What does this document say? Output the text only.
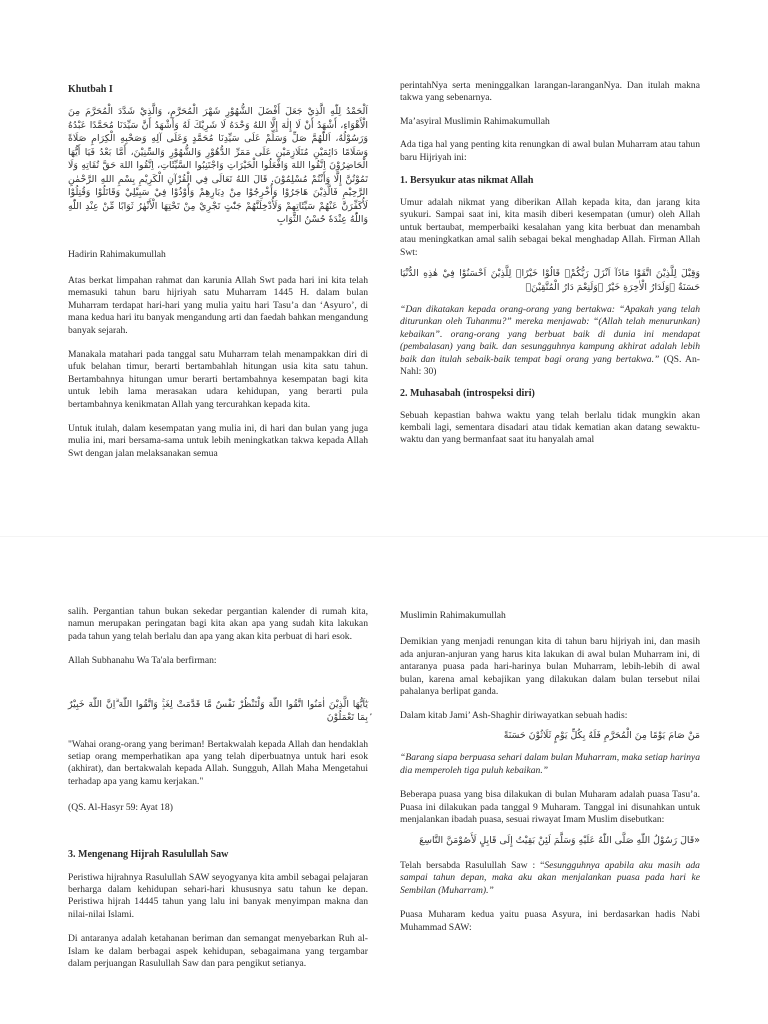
Khutbah I

اَلْحَمْدُ لِلّٰهِ الَّذِيْ جَعَلَ أَفْضَلَ الشُّهُوْرِ شَهْرَ الْمُحَرَّمِ، وَالَّذِيْ شَدَّدَ الْمُحَرَّمَ مِنَ الْأَهْوَاءِ، أَشْهَدُ أَنْ لَا إِلٰهَ إِلَّا اللهُ وَحْدَهُ لَا شَرِيْكَ لَهُ وَأَشْهَدُ أَنَّ سَيِّدَنَا مُحَمَّدًا عَبْدُهُ وَرَسُوْلُهُ، اَللّٰهُمَّ صَلِّ وَسَلِّمْ عَلَى سَيِّدِنَا مُحَمَّدٍ وَعَلَى آلِهِ وَصَحْبِهِ الْكِرَامِ صَلَاةً وَسَلَامًا دَائِمَيْنِ مُتَلَازِمَيْنِ عَلَى مَمَرِّ الدُّهُوْرِ وَالشُّهُوْرِ وَالسِّنِيْنَ، أَمَّا بَعْدُ فَيَا أَيُّهَا الْحَاضِرُوْنَ اِتَّقُوا اللهَ وَافْعَلُوا الْخَيْرَاتِ وَاجْتَنِبُوا السَّيِّئَاتِ، اِتَّقُوا اللهَ حَقَّ تُقَاتِهِ وَلَا تَمُوْتُنَّ إِلَّا وَأَنْتُمْ مُسْلِمُوْنَ. قَالَ اللهُ تَعَالَى فِي الْقُرْآنِ الْكَرِيْمِ بِسْمِ اللهِ الرَّحْمٰنِ الرَّحِيْمِ فَالَّذِيْنَ هَاجَرُوْا وَأُخْرِجُوْا مِنْ دِيَارِهِمْ وَأُوْذُوْا فِيْ سَبِيْلِيْ وَقَاتَلُوْا وَقُتِلُوْا لَأُكَفِّرَنَّ عَنْهُمْ سَيِّئَاتِهِمْ وَلَأُدْخِلَنَّهُمْ جَنّٰتٍ تَجْرِيْ مِنْ تَحْتِهَا الْأَنْهٰرُ ثَوَابًا مِّنْ عِنْدِ اللّٰهِ وَاللّٰهُ عِنْدَهٗ حُسْنُ الثَّوَابِ

Hadirin Rahimakumullah

Atas berkat limpahan rahmat dan karunia Allah Swt pada hari ini kita telah memasuki tahun baru hijriyah satu Muharram 1445 H. dalam bulan Muharram terdapat hari-hari yang mulia yaitu hari Tasu’a dan ‘Asyuro’, di mana kedua hari itu banyak mengandung arti dan faedah bahkan mengandung banyak sejarah.

Manakala matahari pada tanggal satu Muharram telah menampakkan diri di ufuk belahan timur, berarti bertambahlah hitungan usia kita satu tahun. Bertambahnya hitungan umur berarti bertambahnya kesempatan bagi kita untuk lebih lama merasakan udara kehidupan, yang berarti pula bertambahnya kenikmatan Allah yang tercurahkan kepada kita.

Untuk itulah, dalam kesempatan yang mulia ini, di hari dan bulan yang juga mulia ini, mari bersama-sama untuk lebih meningkatkan takwa kepada Allah Swt dengan jalan melaksanakan semua

perintahNya serta meninggalkan larangan-laranganNya. Dan itulah makna takwa yang sebenarnya.

Ma’asyiral Muslimin Rahimakumullah

Ada tiga hal yang penting kita renungkan di awal bulan Muharram atau tahun baru Hijriyah ini:

1. Bersyukur atas nikmat Allah

Umur adalah nikmat yang diberikan Allah kepada kita, dan jarang kita syukuri. Sampai saat ini, kita masih diberi kesempatan (umur) oleh Allah untuk bertaubat, memperbaiki kesalahan yang kita berbuat dan menambah atau meningkatkan amal salih sebagai bekal menghadap Allah. Firman Allah Swt:

وَقِيْلَ لِلَّذِيْنَ اتَّقَوْا مَاذَآ اَنْزَلَ رَبُّكُمْۗ قَالُوْا خَيْرًاۗ لِلَّذِيْنَ اَحْسَنُوْا فِيْ هٰذِهِ الدُّنْيَا حَسَنَةٌ ۗوَلَدَارُ الْاٰخِرَةِ خَيْرٌ ۗوَلَنِعْمَ دَارُ الْمُتَّقِيْنَۙ

“Dan dikatakan kepada orang-orang yang bertakwa: “Apakah yang telah diturunkan oleh Tuhanmu?” mereka menjawab: “(Allah telah menurunkan) kebaikan”. orang-orang yang berbuat baik di dunia ini mendapat (pembalasan) yang baik. dan sesungguhnya kampung akhirat adalah lebih baik dan itulah sebaik-baik tempat bagi orang yang bertakwa.” (QS. An-Nahl: 30)

2. Muhasabah (introspeksi diri)

Sebuah kepastian bahwa waktu yang telah berlalu tidak mungkin akan kembali lagi, sementara disadari atau tidak kematian akan datang sewaktu-waktu dan yang bermanfaat saat itu hanyalah amal

salih. Pergantian tahun bukan sekedar pergantian kalender di rumah kita, namun merupakan peringatan bagi kita akan apa yang sudah kita lakukan pada tahun yang telah berlalu dan apa yang akan kita perbuat di hari esok.

Allah Subhanahu Wa Ta'ala berfirman:

يٰٓاَيُّهَا الَّذِيْنَ اٰمَنُوا اتَّقُوا اللّٰهَ وَلْتَنْظُرْ نَفْسٌ مَّا قَدَّمَتْ لِغَدٍۚ وَاتَّقُوا اللّٰهَ ۗاِنَّ اللّٰهَ خَبِيْرٌ ۢبِمَا تَعْمَلُوْنَ

"Wahai orang-orang yang beriman! Bertakwalah kepada Allah dan hendaklah setiap orang memperhatikan apa yang telah diperbuatnya untuk hari esok (akhirat), dan bertakwalah kepada Allah. Sungguh, Allah Maha Mengetahui terhadap apa yang kamu kerjakan."

(QS. Al-Hasyr 59: Ayat 18)

3. Mengenang Hijrah Rasulullah Saw

Peristiwa hijrahnya Rasulullah SAW seyogyanya kita ambil sebagai pelajaran berharga dalam kehidupan sehari-hari khususnya satu tahun ke depan. Peristiwa hijrah 14445 tahun yang lalu ini banyak menyimpan makna dan nilai-nilai Islami.

Di antaranya adalah ketahanan beriman dan semangat menyebarkan Ruh al-Islam ke dalam berbagai aspek kehidupan, sebagaimana yang tergambar dalam perjuangan Rasulullah Saw dan para pengikut setianya.

Muslimin Rahimakumullah

Demikian yang menjadi renungan kita di tahun baru hijriyah ini, dan masih ada anjuran-anjuran yang harus kita lakukan di awal bulan Muharram ini, di antaranya puasa pada hari-harinya bulan Muharram, lebih-lebih di awal bulan, karena amal kebajikan yang dilakukan dalam bulan tersebut nilai pahalanya berlipat ganda.

Dalam kitab Jami’ Ash-Shaghir diriwayatkan sebuah hadis:

مَنْ صَامَ يَوْمًا مِنَ الْمُحَرَّمِ فَلَهُ بِكُلِّ يَوْمٍ ثَلَاثُوْنَ حَسَنَةً

“Barang siapa berpuasa sehari dalam bulan Muharram, maka setiap harinya dia memperoleh tiga puluh kebaikan.”

Beberapa puasa yang bisa dilakukan di bulan Muharam adalah puasa Tasu’a. Puasa ini dilakukan pada tanggal 9 Muharam. Tanggal ini disunahkan untuk menjalankan ibadah puasa, sesuai riwayat Imam Muslim disebutkan:

«قَالَ رَسُوْلُ اللّٰهِ صَلَّى اللّٰهُ عَلَيْهِ وَسَلَّمَ لَئِنْ بَقِيْتُ إِلَى قَابِلٍ لَأَصُوْمَنَّ التَّاسِعَ

Telah bersabda Rasulullah Saw : “Sesungguhnya apabila aku masih ada sampai tahun depan, maka aku akan menjalankan puasa pada hari ke Sembilan (Muharram).”

Puasa Muharam kedua yaitu puasa Asyura, ini berdasarkan hadis Nabi Muhammad SAW:
